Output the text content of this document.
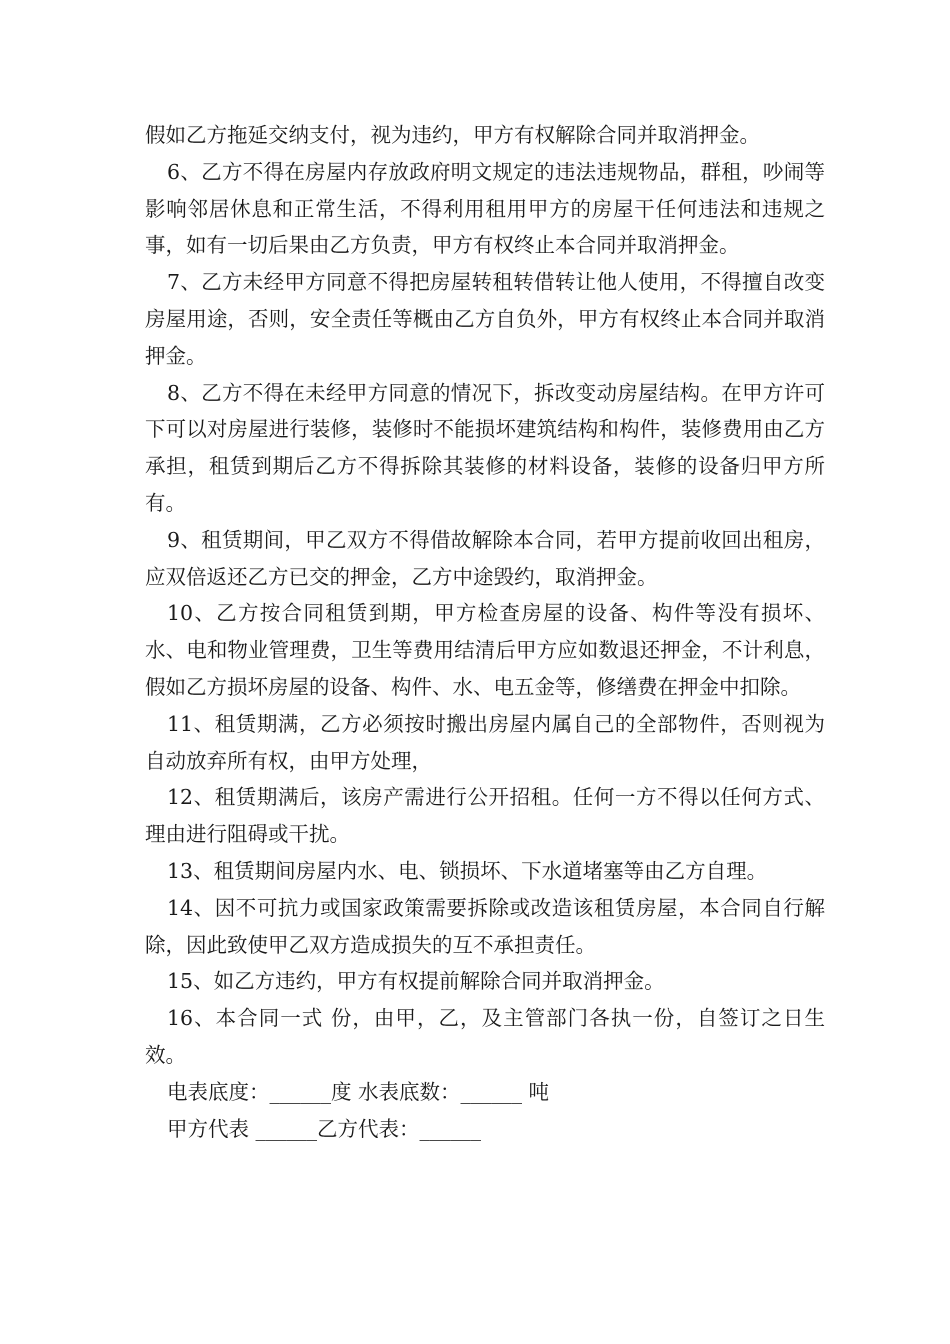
假如乙方拖延交纳支付，视为违约，甲方有权解除合同并取消押金。

6、乙方不得在房屋内存放政府明文规定的违法违规物品，群租，吵闹等影响邻居休息和正常生活，不得利用租用甲方的房屋干任何违法和违规之事，如有一切后果由乙方负责，甲方有权终止本合同并取消押金。

7、乙方未经甲方同意不得把房屋转租转借转让他人使用，不得擅自改变房屋用途，否则，安全责任等概由乙方自负外，甲方有权终止本合同并取消押金。

8、乙方不得在未经甲方同意的情况下，拆改变动房屋结构。在甲方许可下可以对房屋进行装修，装修时不能损坏建筑结构和构件，装修费用由乙方承担，租赁到期后乙方不得拆除其装修的材料设备，装修的设备归甲方所有。

9、租赁期间，甲乙双方不得借故解除本合同，若甲方提前收回出租房，应双倍返还乙方已交的押金，乙方中途毁约，取消押金。

10、乙方按合同租赁到期，甲方检查房屋的设备、构件等没有损坏、水、电和物业管理费，卫生等费用结清后甲方应如数退还押金，不计利息，假如乙方损坏房屋的设备、构件、水、电五金等，修缮费在押金中扣除。

11、租赁期满，乙方必须按时搬出房屋内属自己的全部物件，否则视为自动放弃所有权，由甲方处理，

12、租赁期满后，该房产需进行公开招租。任何一方不得以任何方式、理由进行阻碍或干扰。

13、租赁期间房屋内水、电、锁损坏、下水道堵塞等由乙方自理。

14、因不可抗力或国家政策需要拆除或改造该租赁房屋，本合同自行解除，因此致使甲乙双方造成损失的互不承担责任。

15、如乙方违约，甲方有权提前解除合同并取消押金。

16、本合同一式 份，由甲，乙，及主管部门各执一份，自签订之日生效。

电表底度：______度 水表底数：______ 吨

甲方代表 ______乙方代表：______
